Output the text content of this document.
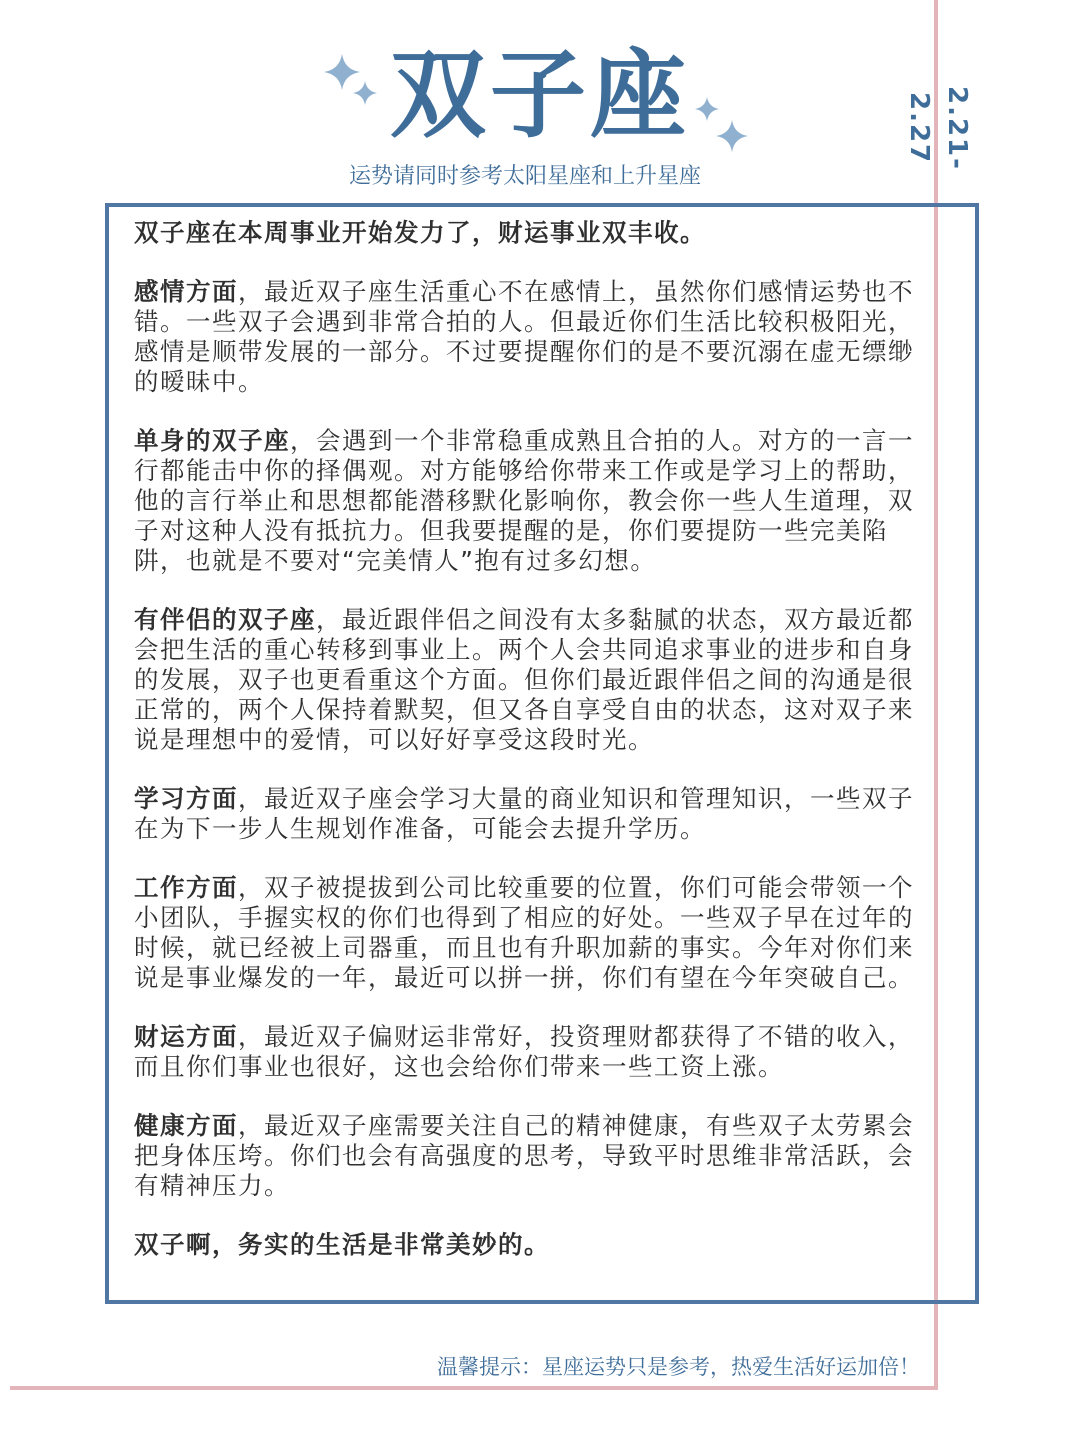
双子座
运势请同时参考太阳星座和上升星座
2.21-2.27

双子座在本周事业开始发力了，财运事业双丰收。

感情方面，最近双子座生活重心不在感情上，虽然你们感情运势也不错。一些双子会遇到非常合拍的人。但最近你们生活比较积极阳光，感情是顺带发展的一部分。不过要提醒你们的是不要沉溺在虚无缥缈的暧昧中。

单身的双子座，会遇到一个非常稳重成熟且合拍的人。对方的一言一行都能击中你的择偶观。对方能够给你带来工作或是学习上的帮助，他的言行举止和思想都能潜移默化影响你，教会你一些人生道理，双子对这种人没有抵抗力。但我要提醒的是，你们要提防一些完美陷阱，也就是不要对“完美情人”抱有过多幻想。

有伴侣的双子座，最近跟伴侣之间没有太多黏腻的状态，双方最近都会把生活的重心转移到事业上。两个人会共同追求事业的进步和自身的发展，双子也更看重这个方面。但你们最近跟伴侣之间的沟通是很正常的，两个人保持着默契，但又各自享受自由的状态，这对双子来说是理想中的爱情，可以好好享受这段时光。

学习方面，最近双子座会学习大量的商业知识和管理知识，一些双子在为下一步人生规划作准备，可能会去提升学历。

工作方面，双子被提拔到公司比较重要的位置，你们可能会带领一个小团队，手握实权的你们也得到了相应的好处。一些双子早在过年的时候，就已经被上司器重，而且也有升职加薪的事实。今年对你们来说是事业爆发的一年，最近可以拼一拼，你们有望在今年突破自己。

财运方面，最近双子偏财运非常好，投资理财都获得了不错的收入，而且你们事业也很好，这也会给你们带来一些工资上涨。

健康方面，最近双子座需要关注自己的精神健康，有些双子太劳累会把身体压垮。你们也会有高强度的思考，导致平时思维非常活跃，会有精神压力。

双子啊，务实的生活是非常美妙的。

温馨提示：星座运势只是参考，热爱生活好运加倍！
